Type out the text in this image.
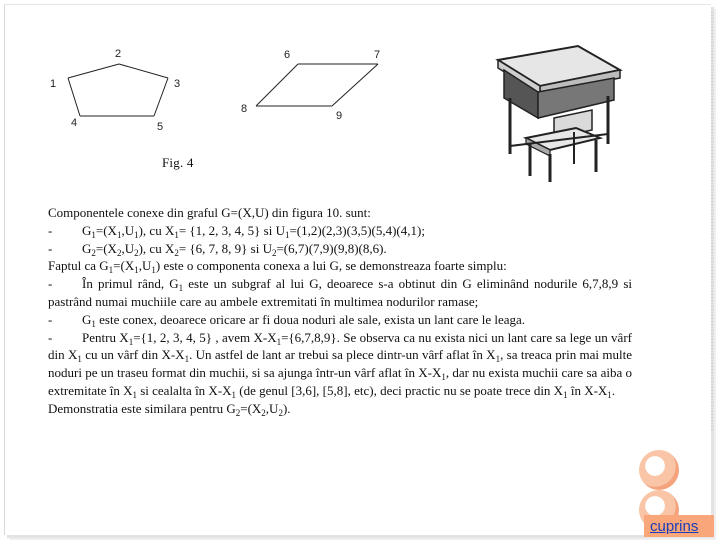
2
1	3
4	5
6	7
8
9
Fig. 4

Componentele conexe din graful G=(X,U) din figura 10. sunt:

- $G_1=(X_1,U_1)$, cu $X_1= \{1$, 2, 3, 4, 5} si $U_1=(1,2)(2,3)(3,5)(5,4)(4,1)$;

- $G_2=(X_2,U_2)$, cu $X_2= \{6$, 7, 8, 9} si $U_2=(6,7)(7,9)(9,8)(8,6)$.

Faptul ca $G_1=(X_1,U_1)$ este o componenta conexa a lui G, se demonstreaza foarte simplu:

- În primul rând, $G_1$ este un subgraf al lui G, deoarece s-a obtinut din G eliminând nodurile 6,7,8,9 si pastrând numai muchiile care au ambele extremitati în multimea nodurilor ramase;

- $G_1$ este conex, deoarece oricare ar fi doua noduri ale sale, exista un lant care le leaga.

- Pentru $X_1=\{1$, 2, 3, 4, 5} , avem $X-X_1=\{6,7,8,9\}$. Se observa ca nu exista nici un lant care sa lege un vârf din $X_1$ cu un vârf din $X-X_1$. Un astfel de lant ar trebui sa plece dintr-un vârf aflat în $X_1$, sa treaca prin mai multe noduri pe un traseu format din muchii, si sa ajunga într-un vârf aflat în $X-X_1$, dar nu exista muchii care sa aiba o extremitate în $X_1$ si cealalta în $X-X_1$ (de genul [3,6], [5,8], etc), deci practic nu se poate trece din $X_1$ în $X-X_1$.

Demonstratia este similara pentru $G_2=(X_2,U_2)$.

cuprins
